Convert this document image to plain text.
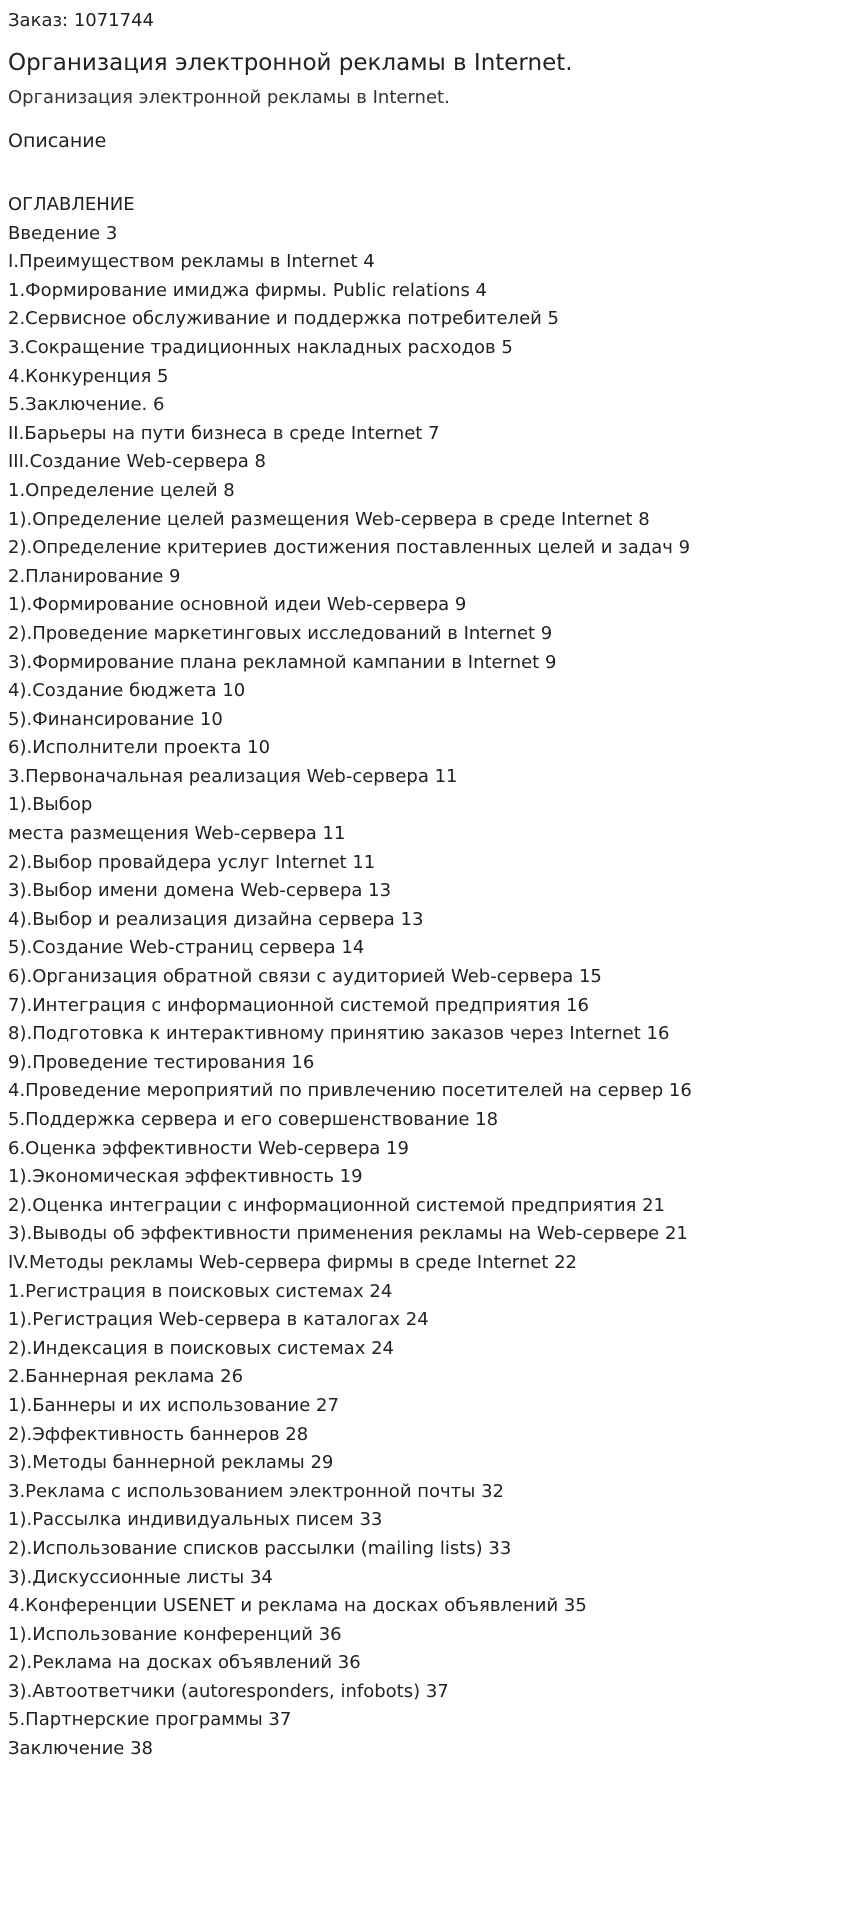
Заказ: 1071744
Организация электронной рекламы в Internet.
Организация электронной рекламы в Internet.
Описание
ОГЛАВЛЕНИЕ
Введение 3
I.Преимуществом рекламы в Internet 4
1.Формирование имиджа фирмы. Public relations 4
2.Сервисное обслуживание и поддержка потребителей 5
3.Сокращение традиционных накладных расходов 5
4.Конкуренция 5
5.Заключение. 6
II.Барьеры на пути бизнеса в среде Internet 7
III.Создание Web-сервера 8
1.Определение целей 8
1).Определение целей размещения Web-сервера в среде Internet 8
2).Определение критериев достижения поставленных целей и задач 9
2.Планирование 9
1).Формирование основной идеи Web-сервера 9
2).Проведение маркетинговых исследований в Internet 9
3).Формирование плана рекламной кампании в Internet 9
4).Создание бюджета 10
5).Финансирование 10
6).Исполнители проекта 10
3.Первоначальная реализация Web-сервера 11
1).Выбор
места размещения Web-сервера 11
2).Выбор провайдера услуг Internet 11
3).Выбор имени домена Web-сервера 13
4).Выбор и реализация дизайна сервера 13
5).Создание Web-страниц сервера 14
6).Организация обратной связи с аудиторией Web-сервера 15
7).Интеграция с информационной системой предприятия 16
8).Подготовка к интерактивному принятию заказов через Internet 16
9).Проведение тестирования 16
4.Проведение мероприятий по привлечению посетителей на сервер 16
5.Поддержка сервера и его совершенствование 18
6.Оценка эффективности Web-сервера 19
1).Экономическая эффективность 19
2).Оценка интеграции с информационной системой предприятия 21
3).Выводы об эффективности применения рекламы на Web-сервере 21
IV.Методы рекламы Web-сервера фирмы в среде Internet 22
1.Регистрация в поисковых системах 24
1).Регистрация Web-сервера в каталогах 24
2).Индексация в поисковых системах 24
2.Баннерная реклама 26
1).Баннеры и их использование 27
2).Эффективность баннеров 28
3).Методы баннерной рекламы 29
3.Реклама с использованием электронной почты 32
1).Рассылка индивидуальных писем 33
2).Использование списков рассылки (mailing lists) 33
3).Дискуссионные листы 34
4.Конференции USENET и реклама на досках объявлений 35
1).Использование конференций 36
2).Реклама на досках объявлений 36
3).Автоответчики (autoresponders, infobots) 37
5.Партнерские программы 37
Заключение 38
